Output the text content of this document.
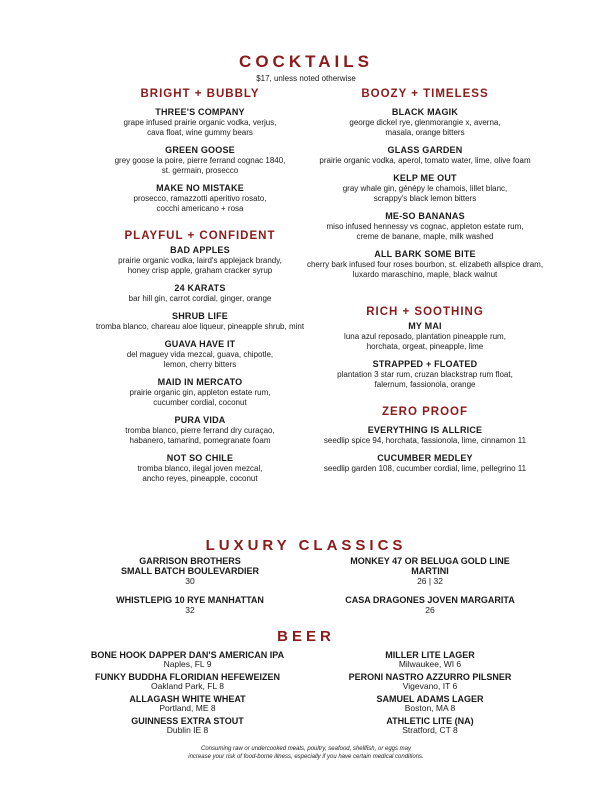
COCKTAILS
$17, unless noted otherwise
BRIGHT + BUBBLY
THREE'S COMPANY
grape infused prairie organic vodka, verjus,
cava float, wine gummy bears
GREEN GOOSE
grey goose la poire, pierre ferrand cognac 1840,
st. germain, prosecco
MAKE NO MISTAKE
prosecco, ramazzotti aperitivo rosato,
cocchi americano + rosa
PLAYFUL + CONFIDENT
BAD APPLES
prairie organic vodka, laird's applejack brandy,
honey crisp apple, graham cracker syrup
24 KARATS
bar hill gin, carrot cordial, ginger, orange
SHRUB LIFE
tromba blanco, chareau aloe liqueur, pineapple shrub, mint
GUAVA HAVE IT
del maguey vida mezcal, guava, chipotle,
lemon, cherry bitters
MAID IN MERCATO
prairie organic gin, appleton estate rum,
cucumber cordial, coconut
PURA VIDA
tromba blanco, pierre ferrand dry curaçao,
habanero, tamarind, pomegranate foam
NOT SO CHILE
tromba blanco, ilegal joven mezcal,
ancho reyes, pineapple, coconut
BOOZY + TIMELESS
BLACK MAGIK
george dickel rye, glenmorangie x, averna,
masala, orange bitters
GLASS GARDEN
prairie organic vodka, aperol, tomato water, lime, olive foam
KELP ME OUT
gray whale gin, génépy le chamois, lillet blanc,
scrappy's black lemon bitters
ME-SO BANANAS
miso infused hennessy vs cognac, appleton estate rum,
creme de banane, maple, milk washed
ALL BARK SOME BITE
cherry bark infused four roses bourbon, st. elizabeth allspice dram,
luxardo maraschino, maple, black walnut
RICH + SOOTHING
MY MAI
luna azul reposado, plantation pineapple rum,
horchata, orgeat, pineapple, lime
STRAPPED + FLOATED
plantation 3 star rum, cruzan blackstrap rum float,
falernum, fassionola, orange
ZERO PROOF
EVERYTHING IS ALLRICE
seedlip spice 94, horchata, fassionola, lime, cinnamon 11
CUCUMBER MEDLEY
seedlip garden 108, cucumber cordial, lime, pellegrino 11
LUXURY CLASSICS
GARRISON BROTHERS
SMALL BATCH BOULEVARDIER
30
WHISTLEPIG 10 RYE MANHATTAN
32
MONKEY 47 OR BELUGA GOLD LINE
MARTINI
26 | 32
CASA DRAGONES JOVEN MARGARITA
26
BEER
BONE HOOK DAPPER DAN'S AMERICAN IPA
Naples, FL 9
FUNKY BUDDHA FLORIDIAN HEFEWEIZEN
Oakland Park, FL 8
ALLAGASH WHITE WHEAT
Portland, ME 8
GUINNESS EXTRA STOUT
Dublin IE 8
MILLER LITE LAGER
Milwaukee, WI 6
PERONI NASTRO AZZURRO PILSNER
Vigevano, IT 6
SAMUEL ADAMS LAGER
Boston, MA 8
ATHLETIC LITE (NA)
Stratford, CT 8
Consuming raw or undercooked meats, poultry, seafood, shellfish, or eggs may
increase your risk of food-borne illness, especially if you have certain medical conditions.
